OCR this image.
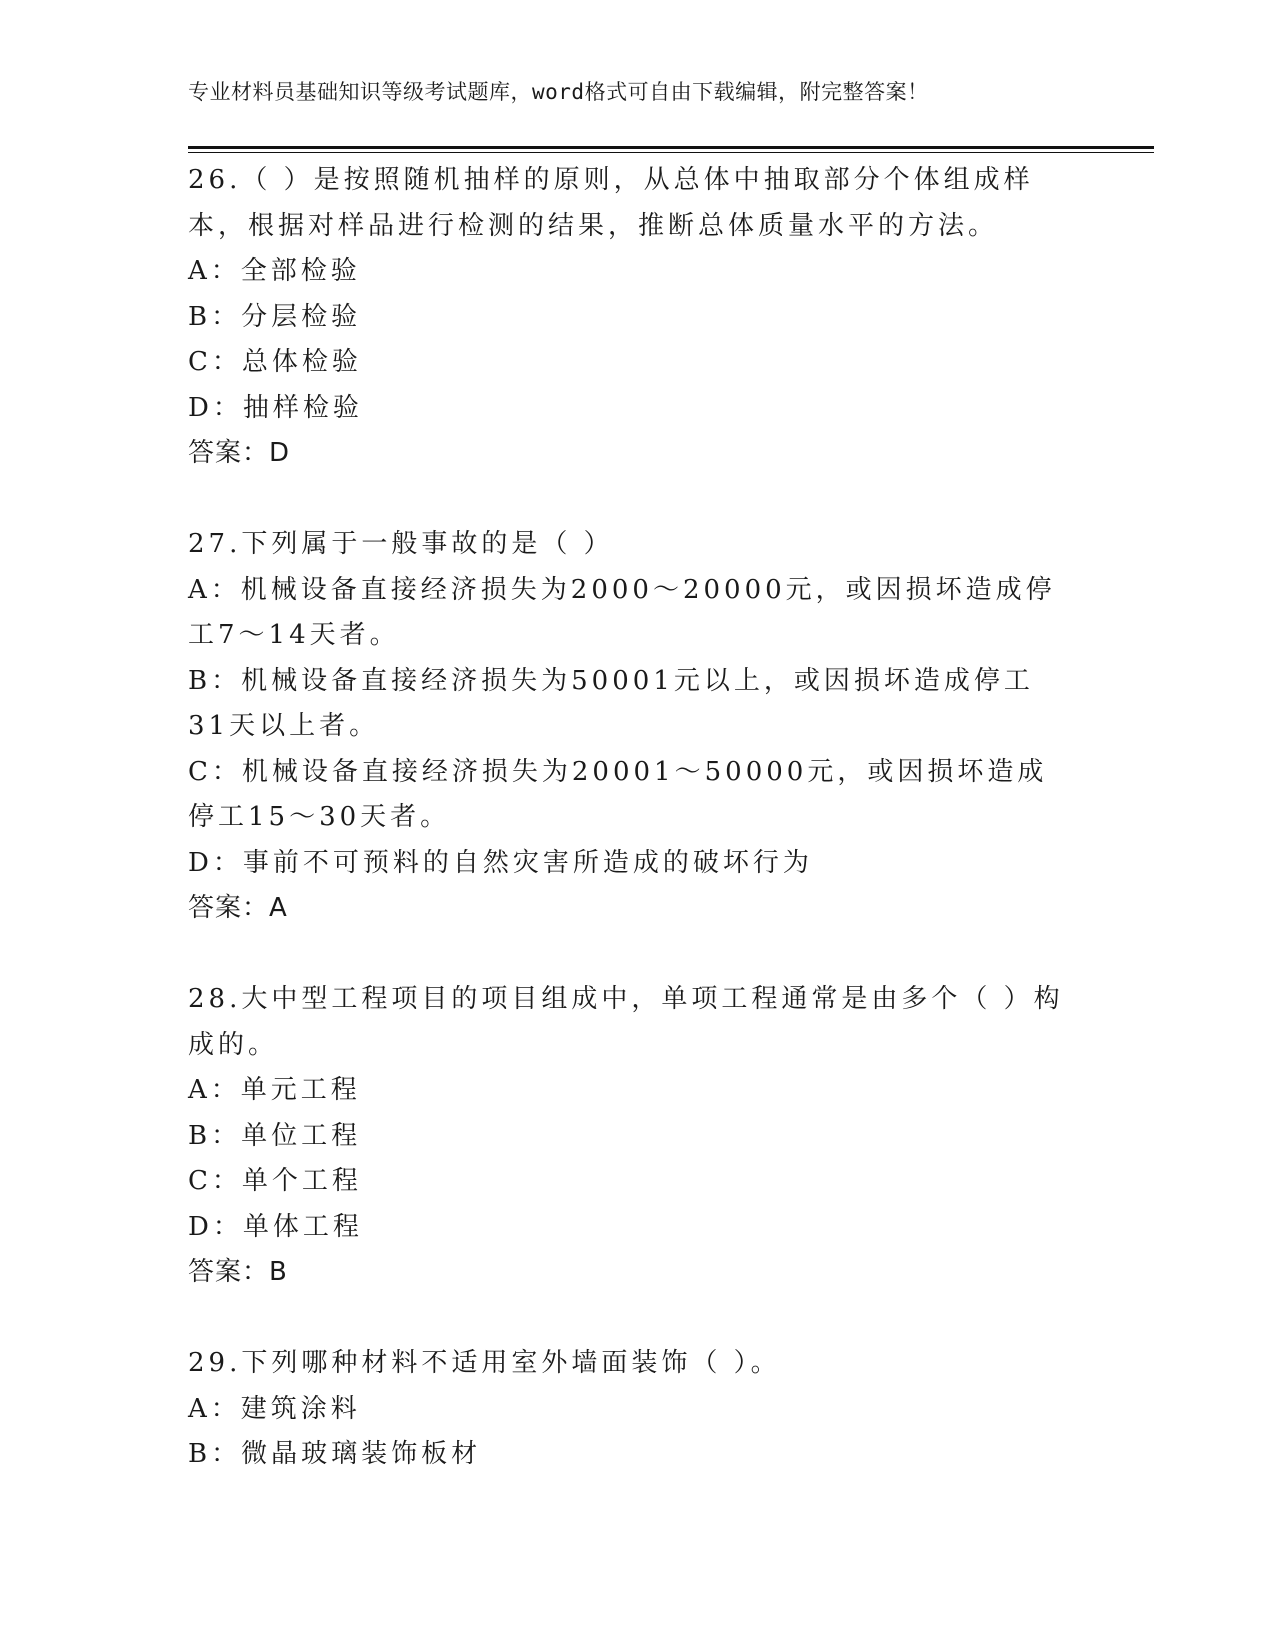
专业材料员基础知识等级考试题库，word格式可自由下载编辑，附完整答案！

26.（ ）是按照随机抽样的原则，从总体中抽取部分个体组成样本，根据对样品进行检测的结果，推断总体质量水平的方法。

A：全部检验

B：分层检验

C：总体检验

D：抽样检验

答案：D

27.下列属于一般事故的是（ ）

A：机械设备直接经济损失为2000～20000元，或因损坏造成停工7～14天者。

B：机械设备直接经济损失为50001元以上，或因损坏造成停工31天以上者。

C：机械设备直接经济损失为20001～50000元，或因损坏造成停工15～30天者。

D：事前不可预料的自然灾害所造成的破坏行为

答案：A

28.大中型工程项目的项目组成中，单项工程通常是由多个（ ）构成的。

A：单元工程

B：单位工程

C：单个工程

D：单体工程

答案：B

29.下列哪种材料不适用室外墙面装饰（ ）。

A：建筑涂料

B：微晶玻璃装饰板材
